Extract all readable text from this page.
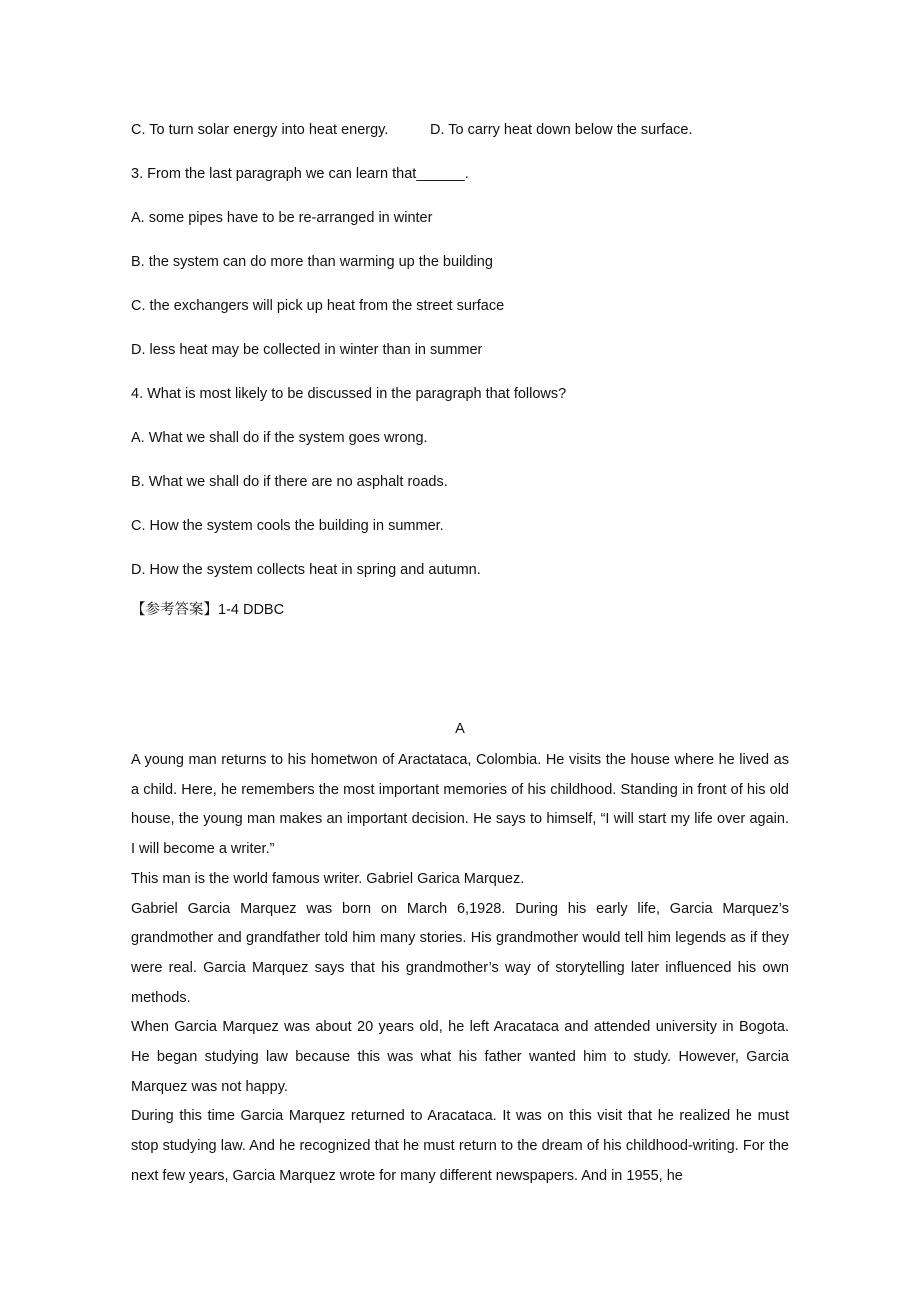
C. To turn solar energy into heat energy.	D. To carry heat down below the surface.
3. From the last paragraph we can learn that______.
A. some pipes have to be re-arranged in winter
B. the system can do more than warming up the building
C. the exchangers will pick up heat from the street surface
D. less heat may be collected in winter than in summer
4. What is most likely to be discussed in the paragraph that follows?
A. What we shall do if the system goes wrong.
B. What we shall do if there are no asphalt roads.
C. How the system cools the building in summer.
D. How the system collects heat in spring and autumn.
【参考答案】1-4 DDBC
A

A young man returns to his hometwon of Aractataca, Colombia. He visits the house where he lived as a child. Here, he remembers the most important memories of his childhood. Standing in front of his old house, the young man makes an important decision. He says to himself, “I will start my life over again. I will become a writer.”

This man is the world famous writer. Gabriel Garica Marquez.

Gabriel Garcia Marquez was born on March 6,1928. During his early life, Garcia Marquez’s grandmother and grandfather told him many stories. His grandmother would tell him legends as if they were real. Garcia Marquez says that his grandmother’s way of storytelling later influenced his own methods.

When Garcia Marquez was about 20 years old, he left Aracataca and attended university in Bogota. He began studying law because this was what his father wanted him to study. However, Garcia Marquez was not happy.

During this time Garcia Marquez returned to Aracataca. It was on this visit that he realized he must stop studying law. And he recognized that he must return to the dream of his childhood-writing. For the next few years, Garcia Marquez wrote for many different newspapers. And in 1955, he
